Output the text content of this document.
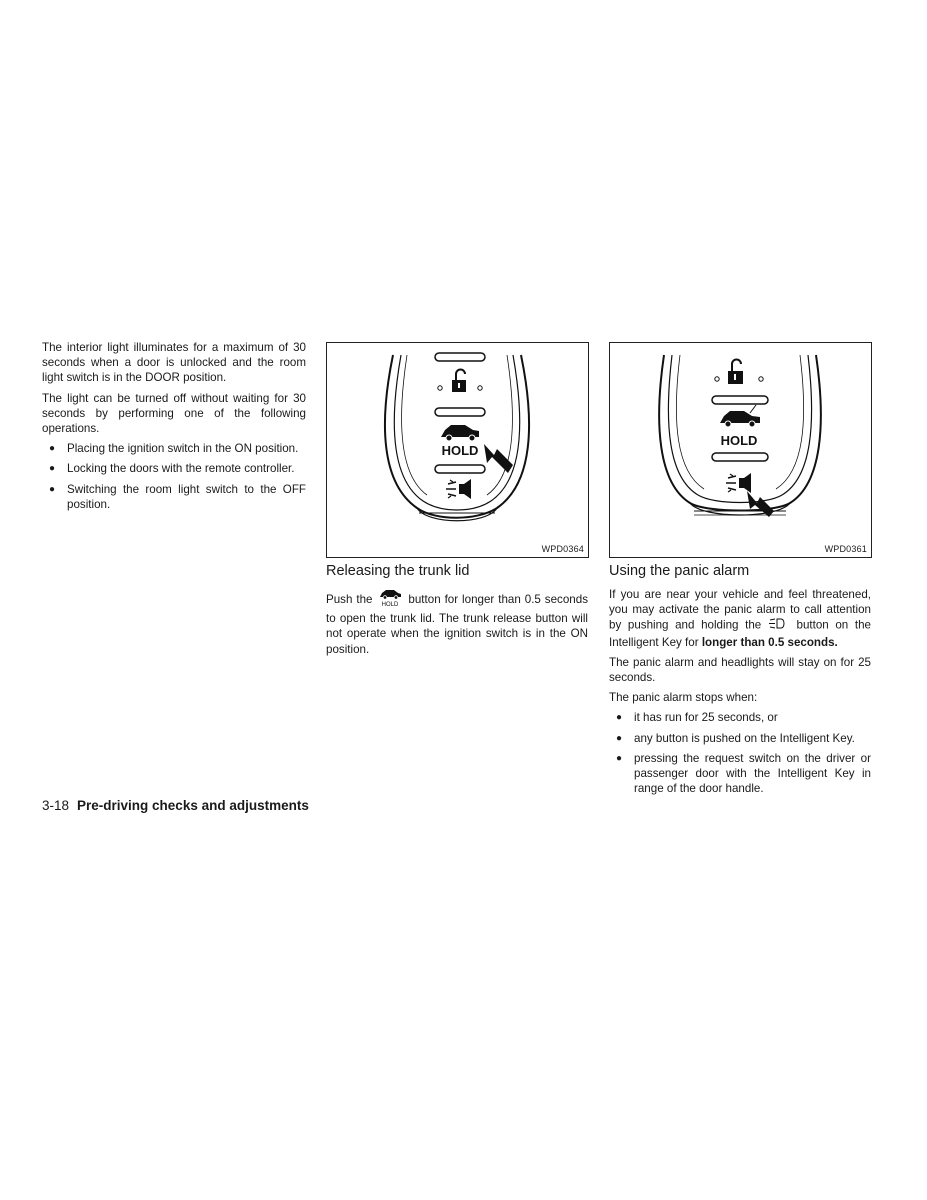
The interior light illuminates for a maximum of 30 seconds when a door is unlocked and the room light switch is in the DOOR position.

The light can be turned off without waiting for 30 seconds by performing one of the following operations.

● Placing the ignition switch in the ON position.
● Locking the doors with the remote controller.
● Switching the room light switch to the OFF position.
HOLD
WPD0364
HOLD
WPD0361
Releasing the trunk lid	Using the panic alarm
Push the HOLD button for longer than 0.5 seconds to open the trunk lid. The trunk release button will not operate when the ignition switch is in the ON position.

If you are near your vehicle and feel threatened, you may activate the panic alarm to call attention by pushing and holding the	button on the Intelligent Key for longer than 0.5 seconds.

The panic alarm and headlights will stay on for 25 seconds.

The panic alarm stops when:

● it has run for 25 seconds, or
● any button is pushed on the Intelligent Key.
● pressing the request switch on the driver or passenger door with the Intelligent Key in range of the door handle.
3-18 Pre-driving checks and adjustments
